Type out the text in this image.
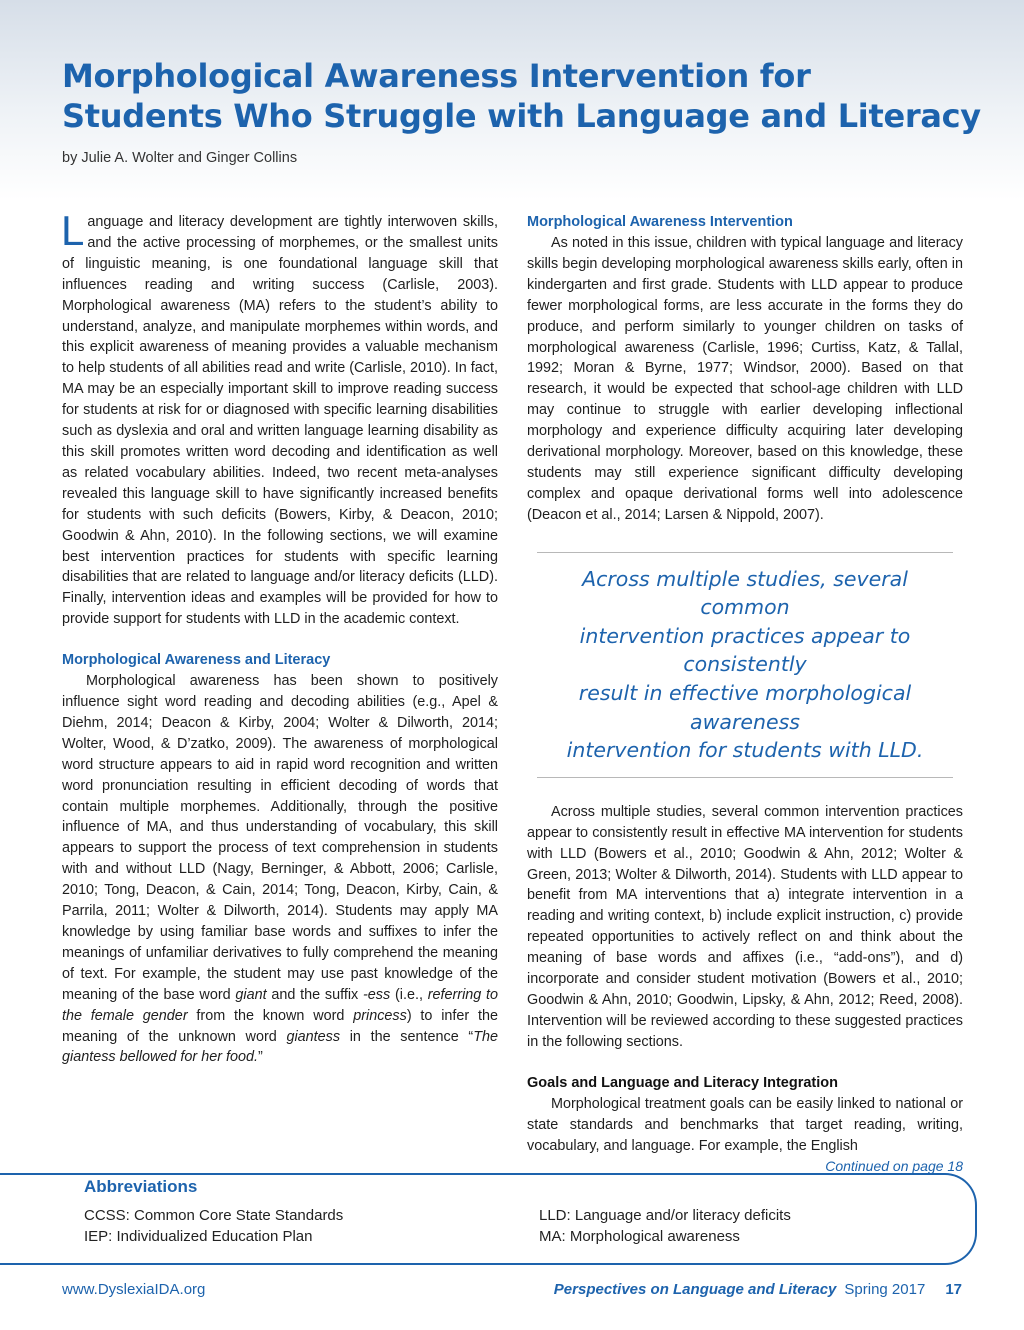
Morphological Awareness Intervention for
Students Who Struggle with Language and Literacy
by Julie A. Wolter and Ginger Collins

Language and literacy development are tightly interwoven skills, and the active processing of morphemes, or the smallest units of linguistic meaning, is one foundational language skill that influences reading and writing success (Carlisle, 2003). Morphological awareness (MA) refers to the student’s ability to understand, analyze, and manipulate morphemes within words, and this explicit awareness of meaning provides a valuable mechanism to help students of all abilities read and write (Carlisle, 2010). In fact, MA may be an especially important skill to improve reading success for students at risk for or diagnosed with specific learning disabilities such as dyslexia and oral and written language learning disability as this skill promotes written word decoding and identification as well as related vocabulary abilities. Indeed, two recent meta-analyses revealed this language skill to have significantly increased benefits for students with such deficits (Bowers, Kirby, & Deacon, 2010; Goodwin & Ahn, 2010). In the following sections, we will examine best intervention practices for students with specific learning disabilities that are related to language and/or literacy deficits (LLD). Finally, intervention ideas and examples will be provided for how to provide support for students with LLD in the academic context.

Morphological Awareness and Literacy

Morphological awareness has been shown to positively influence sight word reading and decoding abilities (e.g., Apel & Diehm, 2014; Deacon & Kirby, 2004; Wolter & Dilworth, 2014; Wolter, Wood, & D’zatko, 2009). The awareness of morphological word structure appears to aid in rapid word recognition and written word pronunciation resulting in efficient decoding of words that contain multiple morphemes. Additionally, through the positive influence of MA, and thus understanding of vocabulary, this skill appears to support the process of text comprehension in students with and without LLD (Nagy, Berninger, & Abbott, 2006; Carlisle, 2010; Tong, Deacon, & Cain, 2014; Tong, Deacon, Kirby, Cain, & Parrila, 2011; Wolter & Dilworth, 2014). Students may apply MA knowledge by using familiar base words and suffixes to infer the meanings of unfamiliar derivatives to fully comprehend the meaning of text. For example, the student may use past knowledge of the meaning of the base word giant and the suffix -ess (i.e., referring to the female gender from the known word princess) to infer the meaning of the unknown word giantess in the sentence “The giantess bellowed for her food.”

Morphological Awareness Intervention

As noted in this issue, children with typical language and literacy skills begin developing morphological awareness skills early, often in kindergarten and first grade. Students with LLD appear to produce fewer morphological forms, are less accurate in the forms they do produce, and perform similarly to younger children on tasks of morphological awareness (Carlisle, 1996; Curtiss, Katz, & Tallal, 1992; Moran & Byrne, 1977; Windsor, 2000). Based on that research, it would be expected that school-age children with LLD may continue to struggle with earlier developing inflectional morphology and experience difficulty acquiring later developing derivational morphology. Moreover, based on this knowledge, these students may still experience significant difficulty developing complex and opaque derivational forms well into adolescence (Deacon et al., 2014; Larsen & Nippold, 2007).

Across multiple studies, several common
intervention practices appear to consistently
result in effective morphological awareness
intervention for students with LLD.

Across multiple studies, several common intervention practices appear to consistently result in effective MA intervention for students with LLD (Bowers et al., 2010; Goodwin & Ahn, 2012; Wolter & Green, 2013; Wolter & Dilworth, 2014). Students with LLD appear to benefit from MA interventions that a) integrate intervention in a reading and writing context, b) include explicit instruction, c) provide repeated opportunities to actively reflect on and think about the meaning of base words and affixes (i.e., “add-ons”), and d) incorporate and consider student motivation (Bowers et al., 2010; Goodwin & Ahn, 2010; Goodwin, Lipsky, & Ahn, 2012; Reed, 2008). Intervention will be reviewed according to these suggested practices in the following sections.

Goals and Language and Literacy Integration

Morphological treatment goals can be easily linked to national or state standards and benchmarks that target reading, writing, vocabulary, and language. For example, the English

Continued on page 18
Abbreviations
CCSS: Common Core State Standards
IEP: Individualized Education Plan
LLD: Language and/or literacy deficits
MA: Morphological awareness
www.DyslexiaIDA.org	Perspectives on Language and Literacy Spring 2017 17
